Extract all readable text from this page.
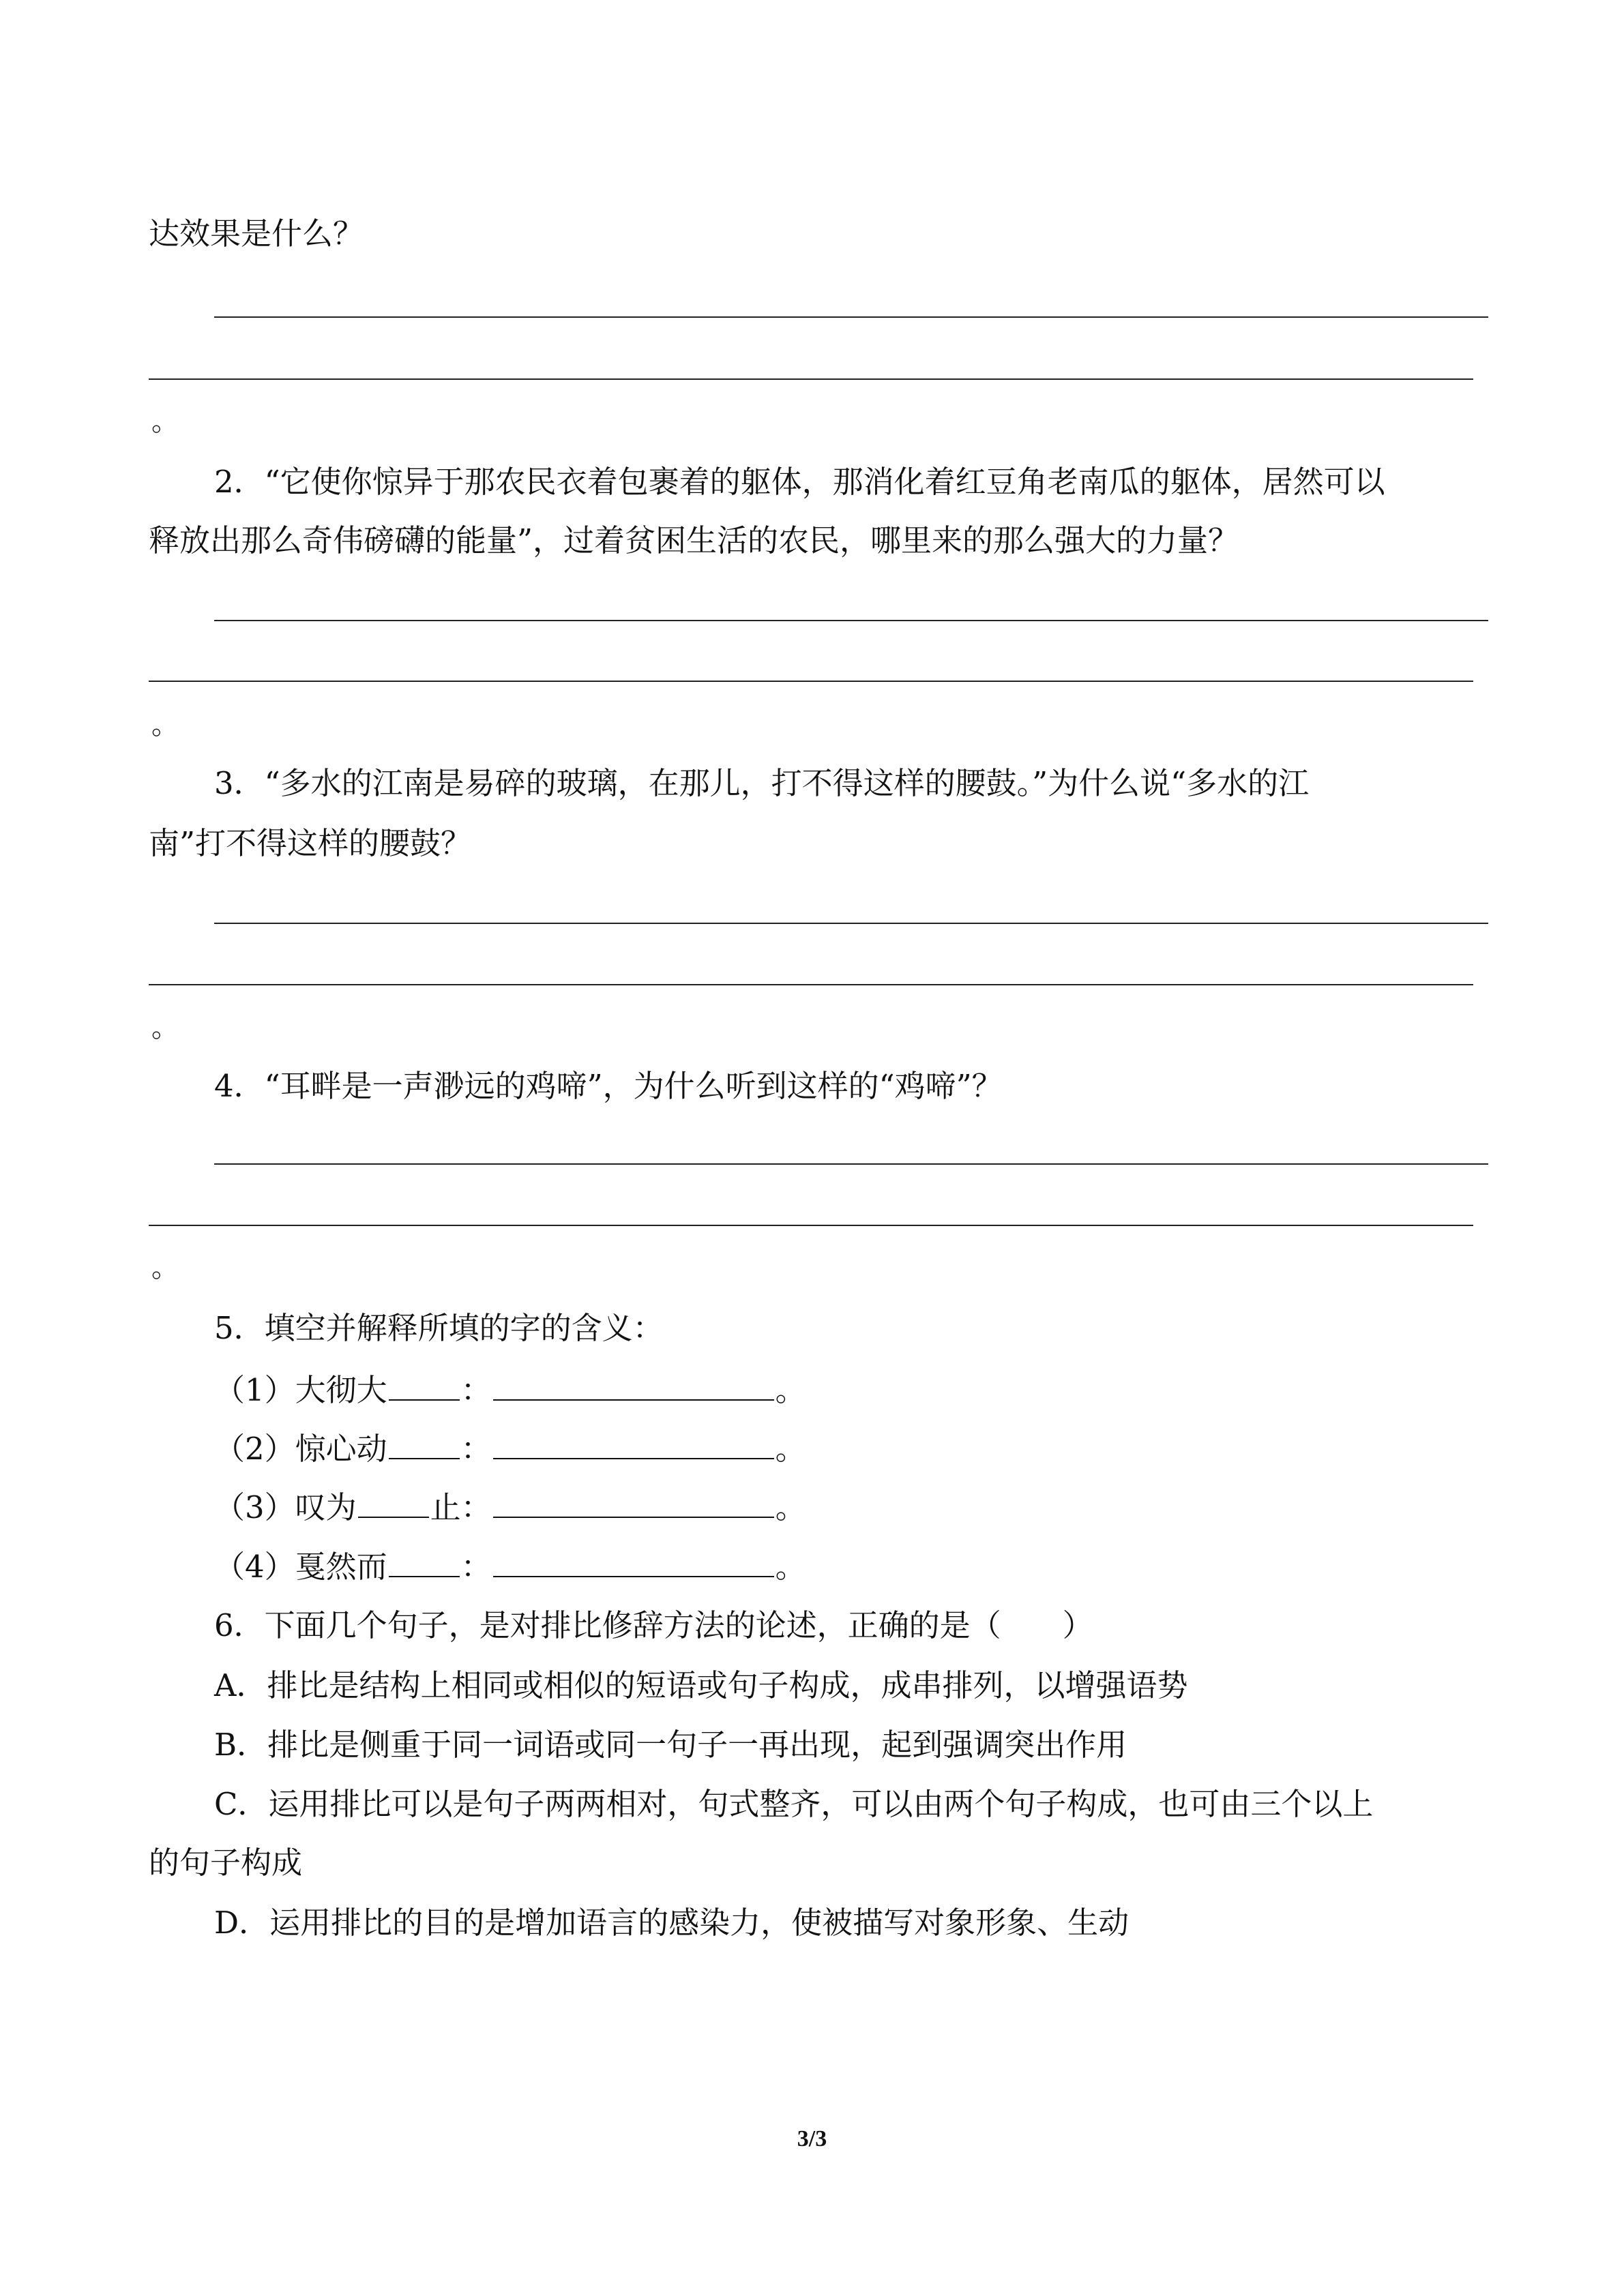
达效果是什么？

。

2．“它使你惊异于那农民衣着包裹着的躯体，那消化着红豆角老南瓜的躯体，居然可以

释放出那么奇伟磅礴的能量”，过着贫困生活的农民，哪里来的那么强大的力量？

。

3．“多水的江南是易碎的玻璃，在那儿，打不得这样的腰鼓。”为什么说“多水的江

南”打不得这样的腰鼓？

。

4．“耳畔是一声渺远的鸡啼”，为什么听到这样的“鸡啼”？

。

5．填空并解释所填的字的含义：

（1）大彻大 ：	。

（2）惊心动 ：	。

（3）叹为 止：	。

（4）戛然而 ：	。

6．下面几个句子，是对排比修辞方法的论述，正确的是（　　）

A．排比是结构上相同或相似的短语或句子构成，成串排列，以增强语势

B．排比是侧重于同一词语或同一句子一再出现，起到强调突出作用

C．运用排比可以是句子两两相对，句式整齐，可以由两个句子构成，也可由三个以上

的句子构成

D．运用排比的目的是增加语言的感染力，使被描写对象形象、生动

3/3
